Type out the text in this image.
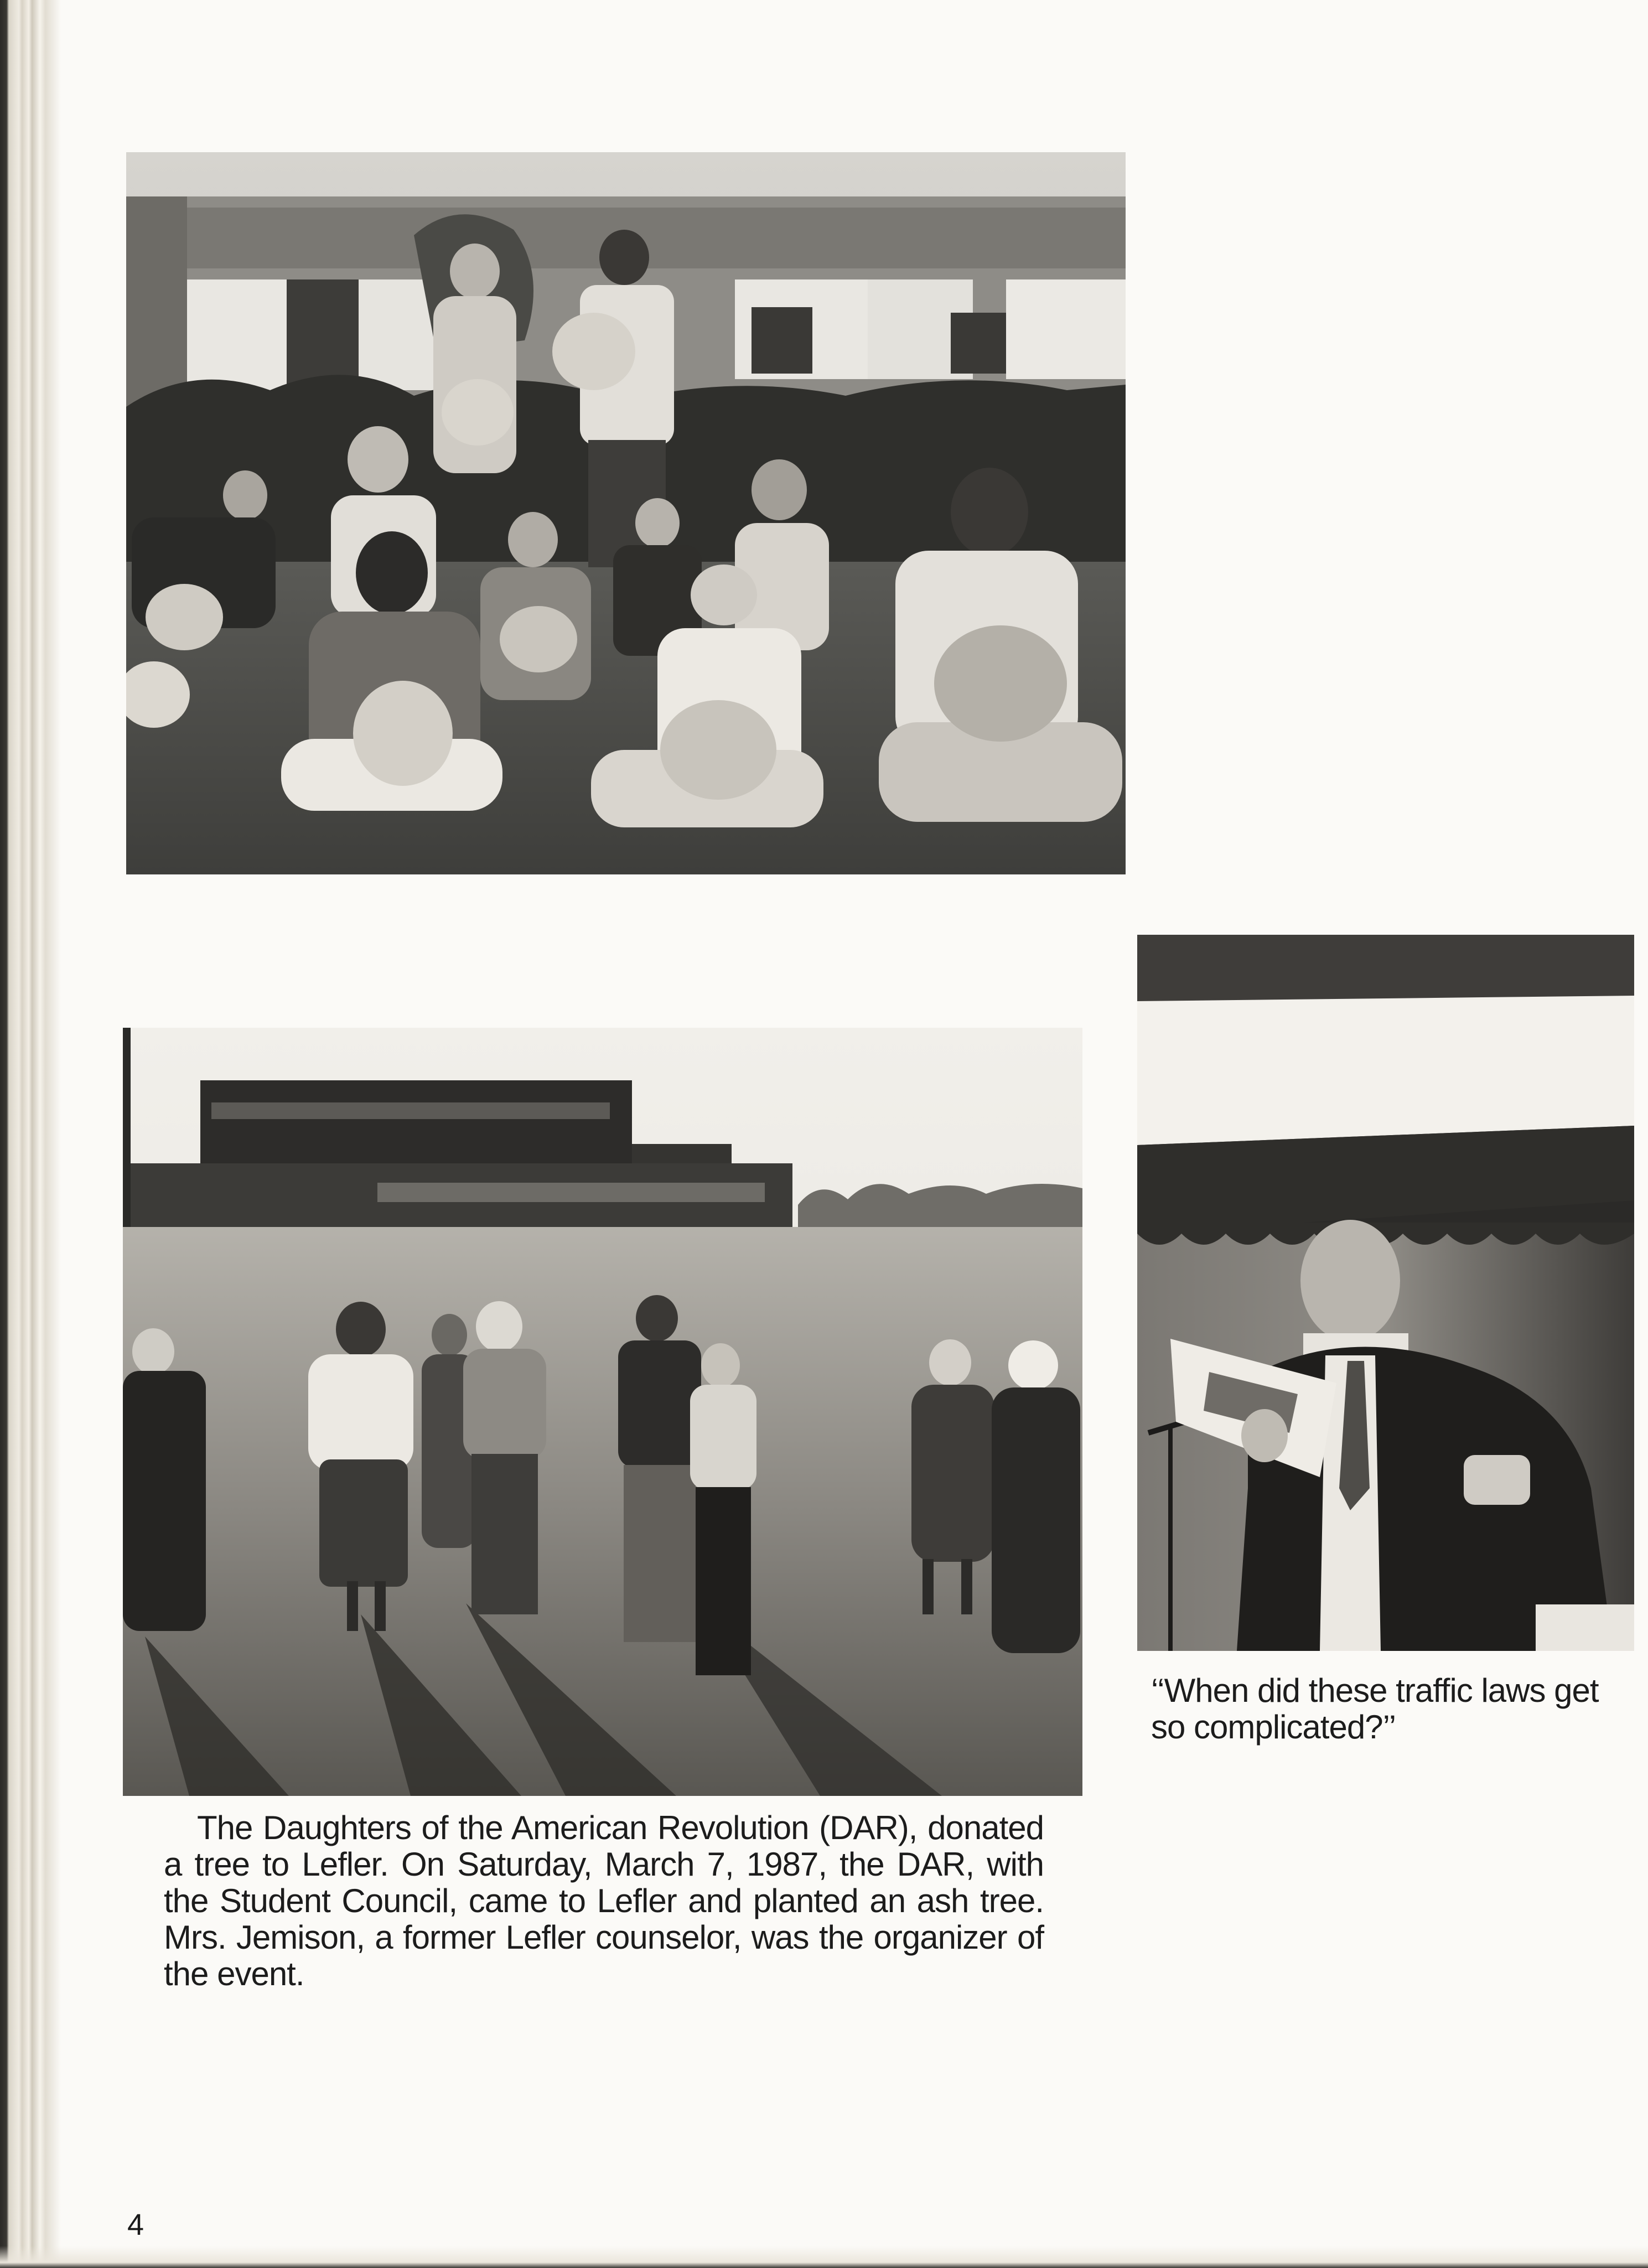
The Daughters of the American Revolution (DAR), donated a tree to Lefler. On Saturday, March 7, 1987, the DAR, with the Student Council, came to Lefler and planted an ash tree. Mrs. Jemison, a former Lefler counselor, was the organizer of the event.

‘‘When did these traffic laws get so complicated?’’

4
